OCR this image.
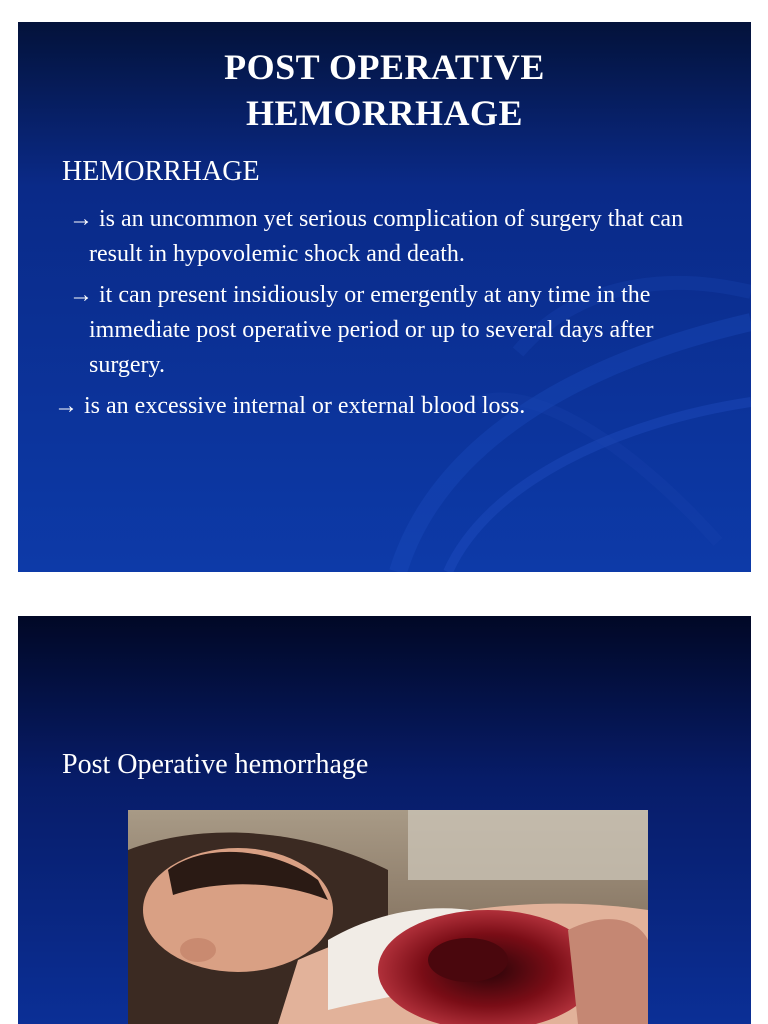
POST OPERATIVE
HEMORRHAGE
HEMORRHAGE
→ is an uncommon yet serious complication of surgery that can result in hypovolemic shock and death.
→ it can present insidiously or emergently at any time in the immediate post operative period or up to several days after surgery.
→ is an excessive internal or external blood loss.
Post Operative hemorrhage
